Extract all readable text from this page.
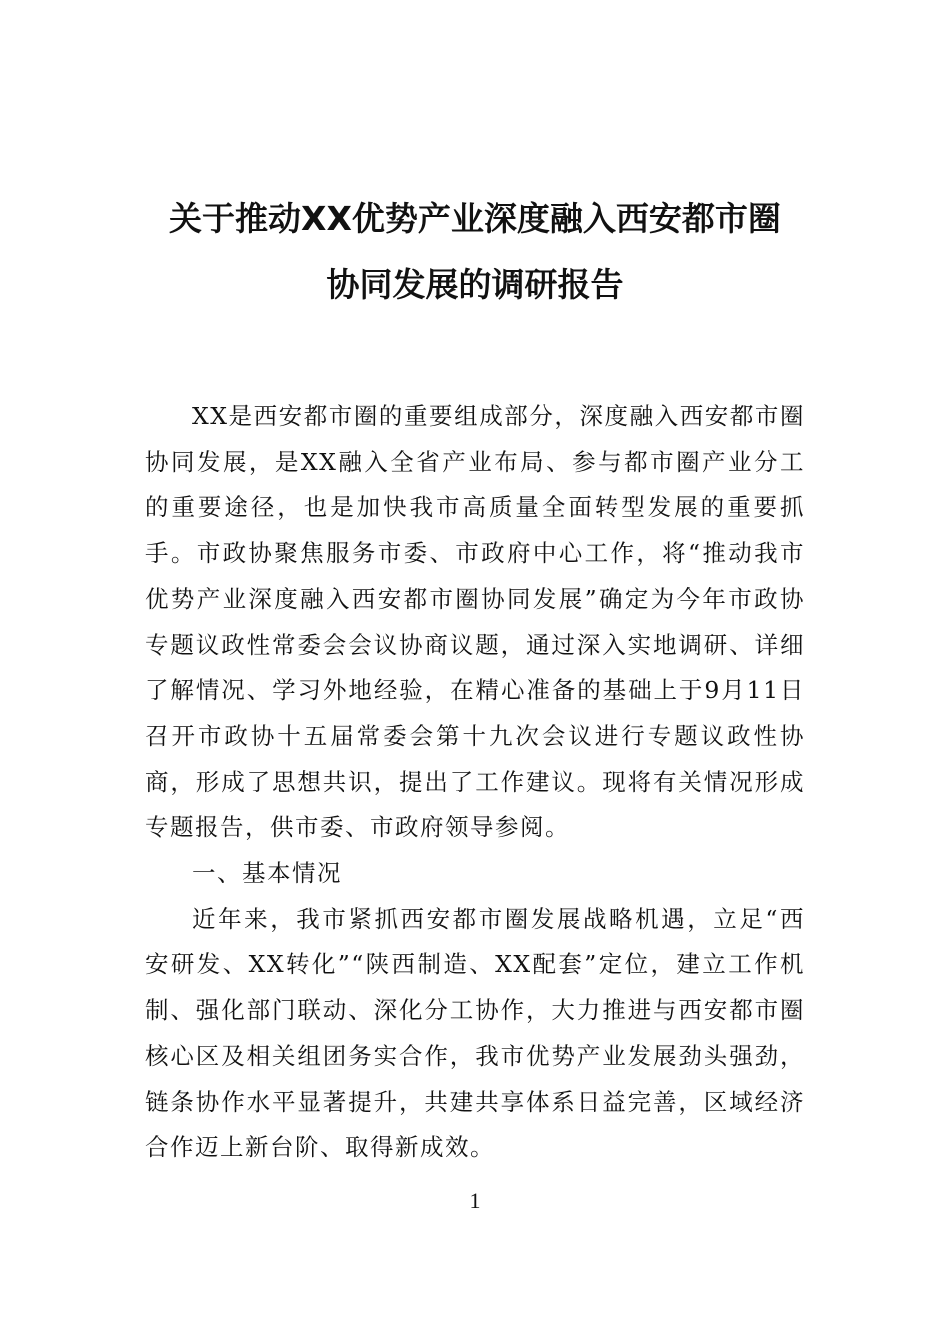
关于推动XX优势产业深度融入西安都市圈
协同发展的调研报告

XX是西安都市圈的重要组成部分，深度融入西安都市圈协同发展，是XX融入全省产业布局、参与都市圈产业分工的重要途径，也是加快我市高质量全面转型发展的重要抓手。市政协聚焦服务市委、市政府中心工作，将“推动我市优势产业深度融入西安都市圈协同发展”确定为今年市政协专题议政性常委会会议协商议题，通过深入实地调研、详细了解情况、学习外地经验，在精心准备的基础上于9月11日召开市政协十五届常委会第十九次会议进行专题议政性协商，形成了思想共识，提出了工作建议。现将有关情况形成专题报告，供市委、市政府领导参阅。

一、基本情况

近年来，我市紧抓西安都市圈发展战略机遇，立足“西安研发、XX转化”“陕西制造、XX配套”定位，建立工作机制、强化部门联动、深化分工协作，大力推进与西安都市圈核心区及相关组团务实合作，我市优势产业发展劲头强劲，链条协作水平显著提升，共建共享体系日益完善，区域经济合作迈上新台阶、取得新成效。

1
